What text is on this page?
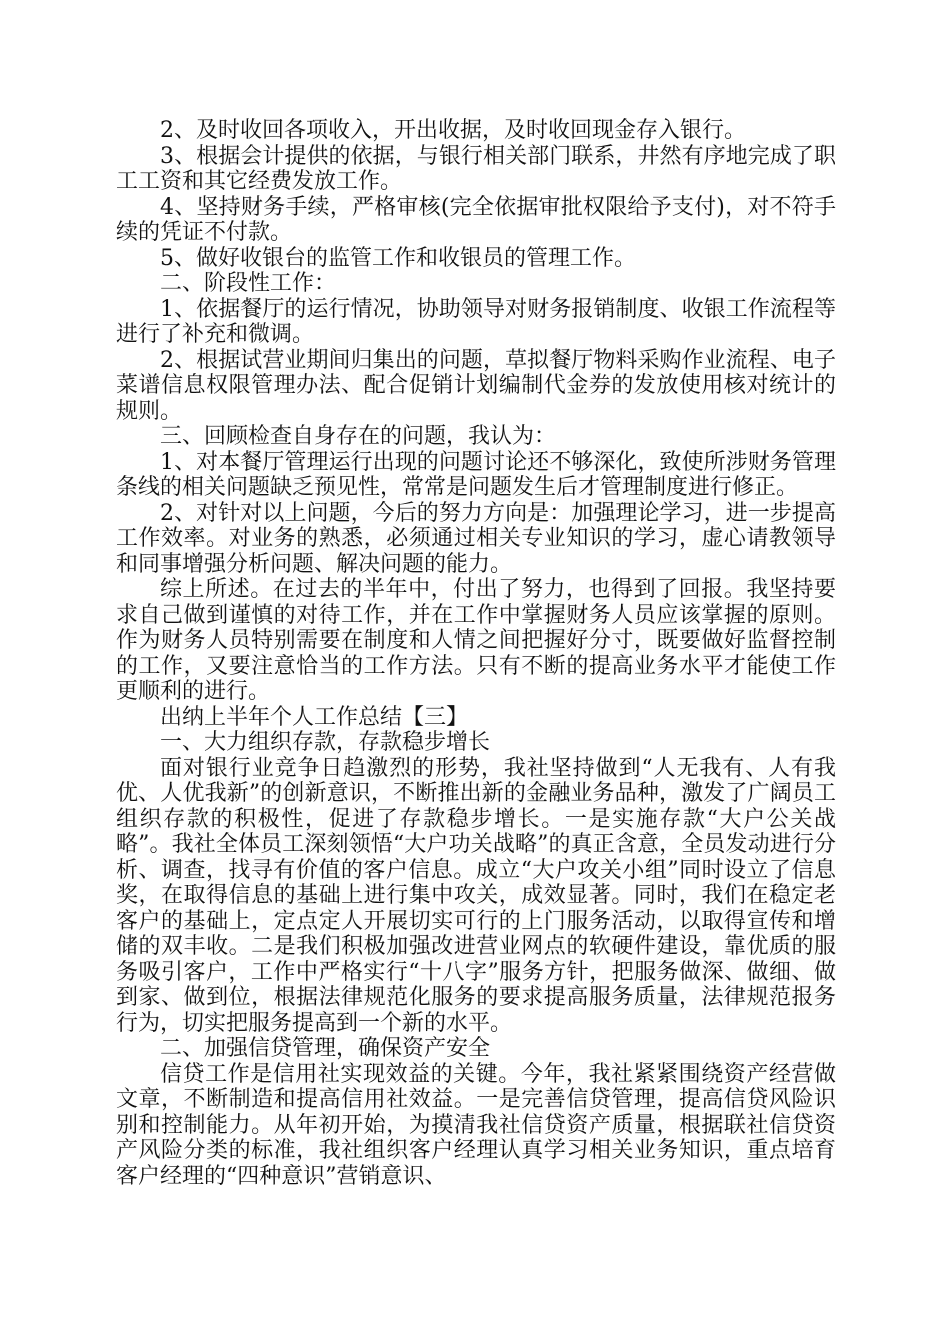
2、及时收回各项收入，开出收据，及时收回现金存入银行。

3、根据会计提供的依据，与银行相关部门联系，井然有序地完成了职工工资和其它经费发放工作。

4、坚持财务手续，严格审核(完全依据审批权限给予支付)，对不符手续的凭证不付款。

5、做好收银台的监管工作和收银员的管理工作。

二、阶段性工作：

1、依据餐厅的运行情况，协助领导对财务报销制度、收银工作流程等进行了补充和微调。

2、根据试营业期间归集出的问题，草拟餐厅物料采购作业流程、电子菜谱信息权限管理办法、配合促销计划编制代金券的发放使用核对统计的规则。

三、回顾检查自身存在的问题，我认为：

1、对本餐厅管理运行出现的问题讨论还不够深化，致使所涉财务管理条线的相关问题缺乏预见性，常常是问题发生后才管理制度进行修正。

2、对针对以上问题，今后的努力方向是：加强理论学习，进一步提高工作效率。对业务的熟悉，必须通过相关专业知识的学习，虚心请教领导和同事增强分析问题、解决问题的能力。

综上所述。在过去的半年中，付出了努力，也得到了回报。我坚持要求自己做到谨慎的对待工作，并在工作中掌握财务人员应该掌握的原则。作为财务人员特别需要在制度和人情之间把握好分寸，既要做好监督控制的工作，又要注意恰当的工作方法。只有不断的提高业务水平才能使工作更顺利的进行。

出纳上半年个人工作总结【三】

一、大力组织存款，存款稳步增长

面对银行业竞争日趋激烈的形势，我社坚持做到“人无我有、人有我优、人优我新”的创新意识，不断推出新的金融业务品种，激发了广阔员工组织存款的积极性，促进了存款稳步增长。一是实施存款“大户公关战略”。我社全体员工深刻领悟“大户功关战略”的真正含意，全员发动进行分析、调查，找寻有价值的客户信息。成立“大户攻关小组”同时设立了信息奖，在取得信息的基础上进行集中攻关，成效显著。同时，我们在稳定老客户的基础上，定点定人开展切实可行的上门服务活动，以取得宣传和增储的双丰收。二是我们积极加强改进营业网点的软硬件建设，靠优质的服务吸引客户，工作中严格实行“十八字”服务方针，把服务做深、做细、做到家、做到位，根据法律规范化服务的要求提高服务质量，法律规范报务行为，切实把服务提高到一个新的水平。

二、加强信贷管理，确保资产安全

信贷工作是信用社实现效益的关键。今年，我社紧紧围绕资产经营做文章，不断制造和提高信用社效益。一是完善信贷管理，提高信贷风险识别和控制能力。从年初开始，为摸清我社信贷资产质量，根据联社信贷资产风险分类的标准，我社组织客户经理认真学习相关业务知识，重点培育客户经理的“四种意识”营销意识、
